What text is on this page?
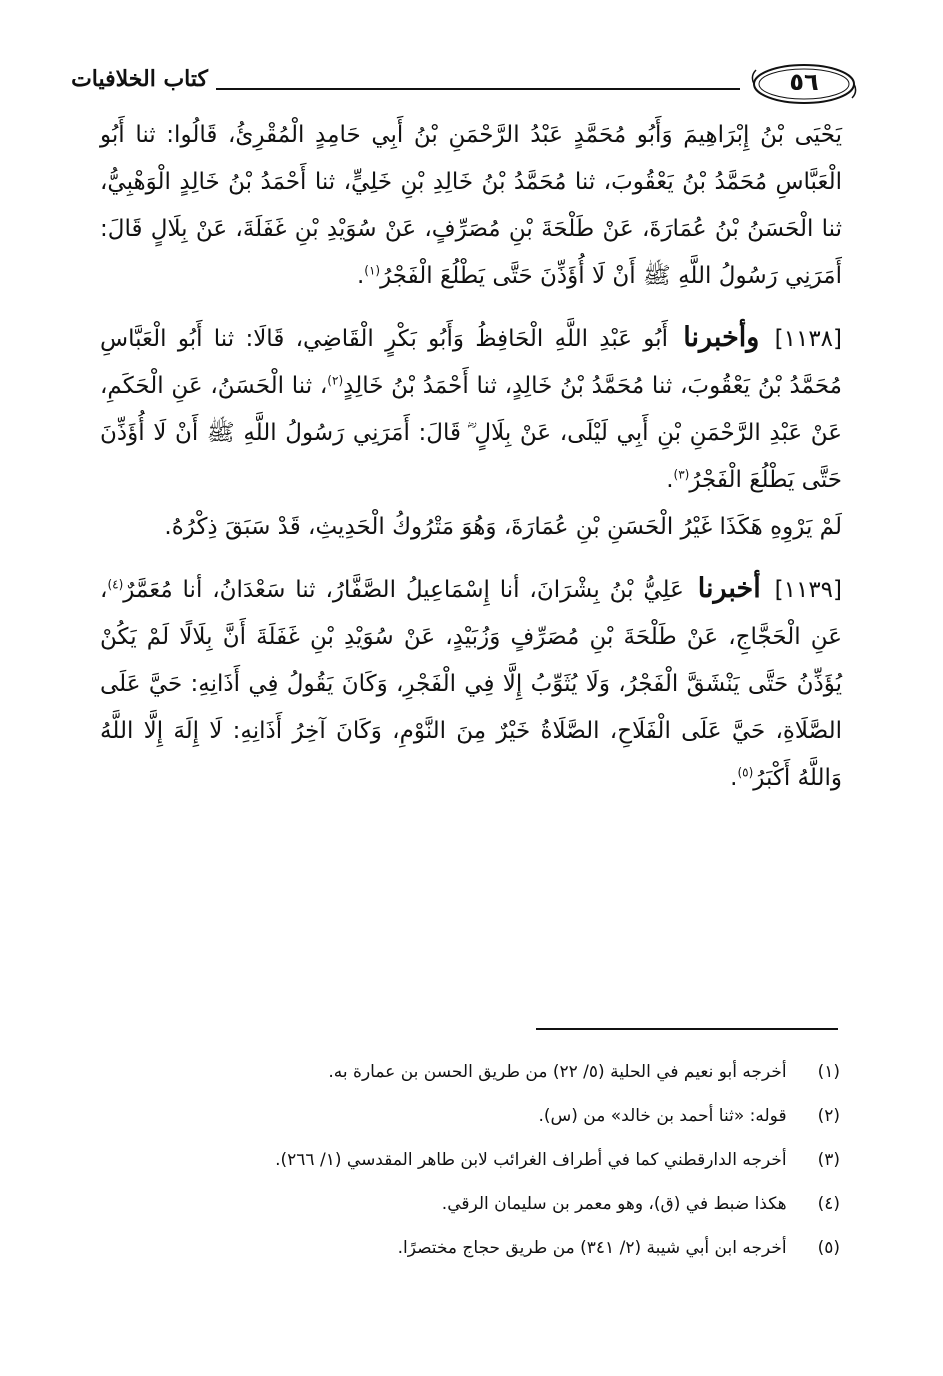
كتاب الخلافيات	٥٦

يَحْيَى بْنُ إِبْرَاهِيمَ وَأَبُو مُحَمَّدٍ عَبْدُ الرَّحْمَنِ بْنُ أَبِي حَامِدٍ الْمُقْرِئُ، قَالُوا: ثنا أَبُو الْعَبَّاسِ مُحَمَّدُ بْنُ يَعْقُوبَ، ثنا مُحَمَّدُ بْنُ خَالِدِ بْنِ خَلِيٍّ، ثنا أَحْمَدُ بْنُ خَالِدٍ الْوَهْبِيُّ، ثنا الْحَسَنُ بْنُ عُمَارَةَ، عَنْ طَلْحَةَ بْنِ مُصَرِّفٍ، عَنْ سُوَيْدِ بْنِ غَفَلَةَ، عَنْ بِلَالٍ قَالَ: أَمَرَنِي رَسُولُ اللَّهِ ﷺ أَنْ لَا أُؤَذِّنَ حَتَّى يَطْلُعَ الْفَجْرُ$^{(١)}$.

[١١٣٨] وأخبرنا أَبُو عَبْدِ اللَّهِ الْحَافِظُ وَأَبُو بَكْرٍ الْقَاضِي، قَالَا: ثنا أَبُو الْعَبَّاسِ مُحَمَّدُ بْنُ يَعْقُوبَ، ثنا مُحَمَّدُ بْنُ خَالِدٍ، ثنا أَحْمَدُ بْنُ خَالِدٍ$^{(٢)}$، ثنا الْحَسَنُ، عَنِ الْحَكَمِ، عَنْ عَبْدِ الرَّحْمَنِ بْنِ أَبِي لَيْلَى، عَنْ بِلَالٍ ؓ قَالَ: أَمَرَنِي رَسُولُ اللَّهِ ﷺ أَنْ لَا أُؤَذِّنَ حَتَّى يَطْلُعَ الْفَجْرُ$^{(٣)}$.

لَمْ يَرْوِهِ هَكَذَا غَيْرُ الْحَسَنِ بْنِ عُمَارَةَ، وَهُوَ مَتْرُوكُ الْحَدِيثِ، قَدْ سَبَقَ ذِكْرُهُ.

[١١٣٩] أخبرنا عَلِيُّ بْنُ بِشْرَانَ، أنا إِسْمَاعِيلُ الصَّفَّارُ، ثنا سَعْدَانُ، أنا مُعَمَّرٌ$^{(٤)}$، عَنِ الْحَجَّاجِ، عَنْ طَلْحَةَ بْنِ مُصَرِّفٍ وَزُبَيْدٍ، عَنْ سُوَيْدِ بْنِ غَفَلَةَ أَنَّ بِلَالًا لَمْ يَكُنْ يُؤَذِّنُ حَتَّى يَنْشَقَّ الْفَجْرُ، وَلَا يُثَوِّبُ إِلَّا فِي الْفَجْرِ، وَكَانَ يَقُولُ فِي أَذَانِهِ: حَيَّ عَلَى الصَّلَاةِ، حَيَّ عَلَى الْفَلَاحِ، الصَّلَاةُ خَيْرٌ مِنَ النَّوْمِ، وَكَانَ آخِرُ أَذَانِهِ: لَا إِلَهَ إِلَّا اللَّهُ وَاللَّهُ أَكْبَرُ$^{(٥)}$.

(١) أخرجه أبو نعيم في الحلية (٥/ ٢٢) من طريق الحسن بن عمارة به.
(٢) قوله: «ثنا أحمد بن خالد» من (س).
(٣) أخرجه الدارقطني كما في أطراف الغرائب لابن طاهر المقدسي (١/ ٢٦٦).
(٤) هكذا ضبط في (ق)، وهو معمر بن سليمان الرقي.
(٥) أخرجه ابن أبي شيبة (٢/ ٣٤١) من طريق حجاج مختصرًا.
